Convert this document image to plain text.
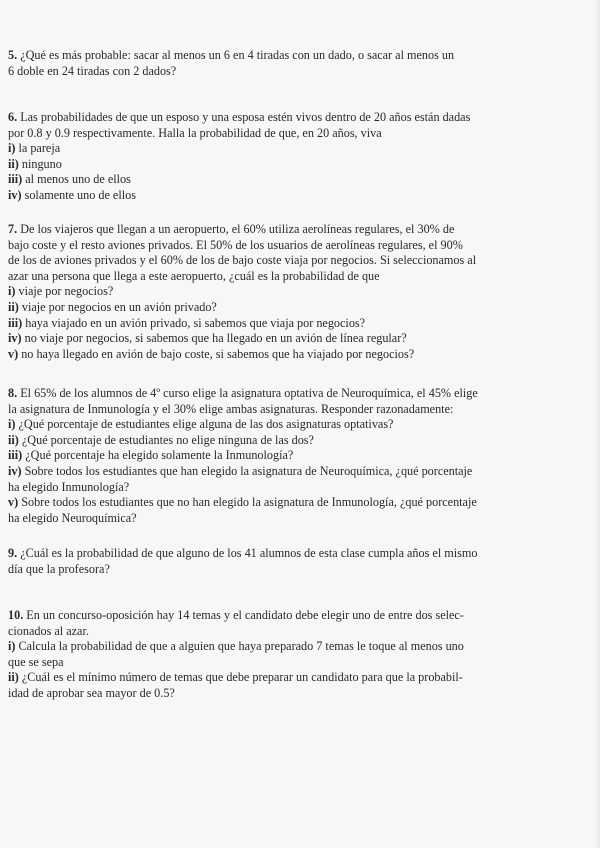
5. ¿Qué es más probable: sacar al menos un 6 en 4 tiradas con un dado, o sacar al menos un
6 doble en 24 tiradas con 2 dados?
6. Las probabilidades de que un esposo y una esposa estén vivos dentro de 20 años están dadas
por 0.8 y 0.9 respectivamente. Halla la probabilidad de que, en 20 años, viva
i) la pareja
ii) ninguno
iii) al menos uno de ellos
iv) solamente uno de ellos
7. De los viajeros que llegan a un aeropuerto, el 60% utiliza aerolíneas regulares, el 30% de
bajo coste y el resto aviones privados. El 50% de los usuarios de aerolíneas regulares, el 90%
de los de aviones privados y el 60% de los de bajo coste viaja por negocios. Si seleccionamos al
azar una persona que llega a este aeropuerto, ¿cuál es la probabilidad de que
i) viaje por negocios?
ii) viaje por negocios en un avión privado?
iii) haya viajado en un avión privado, si sabemos que viaja por negocios?
iv) no viaje por negocios, si sabemos que ha llegado en un avión de línea regular?
v) no haya llegado en avión de bajo coste, si sabemos que ha viajado por negocios?
8. El 65% de los alumnos de 4º curso elige la asignatura optativa de Neuroquímica, el 45% elige
la asignatura de Inmunología y el 30% elige ambas asignaturas. Responder razonadamente:
i) ¿Qué porcentaje de estudiantes elige alguna de las dos asignaturas optativas?
ii) ¿Qué porcentaje de estudiantes no elige ninguna de las dos?
iii) ¿Qué porcentaje ha elegido solamente la Inmunología?
iv) Sobre todos los estudiantes que han elegido la asignatura de Neuroquímica, ¿qué porcentaje
ha elegido Inmunología?
v) Sobre todos los estudiantes que no han elegido la asignatura de Inmunología, ¿qué porcentaje
ha elegido Neuroquímica?
9. ¿Cuál es la probabilidad de que alguno de los 41 alumnos de esta clase cumpla años el mismo
día que la profesora?
10. En un concurso-oposición hay 14 temas y el candidato debe elegir uno de entre dos selec-
cionados al azar.
i) Calcula la probabilidad de que a alguien que haya preparado 7 temas le toque al menos uno
que se sepa
ii) ¿Cuál es el mínimo número de temas que debe preparar un candidato para que la probabil-
idad de aprobar sea mayor de 0.5?
